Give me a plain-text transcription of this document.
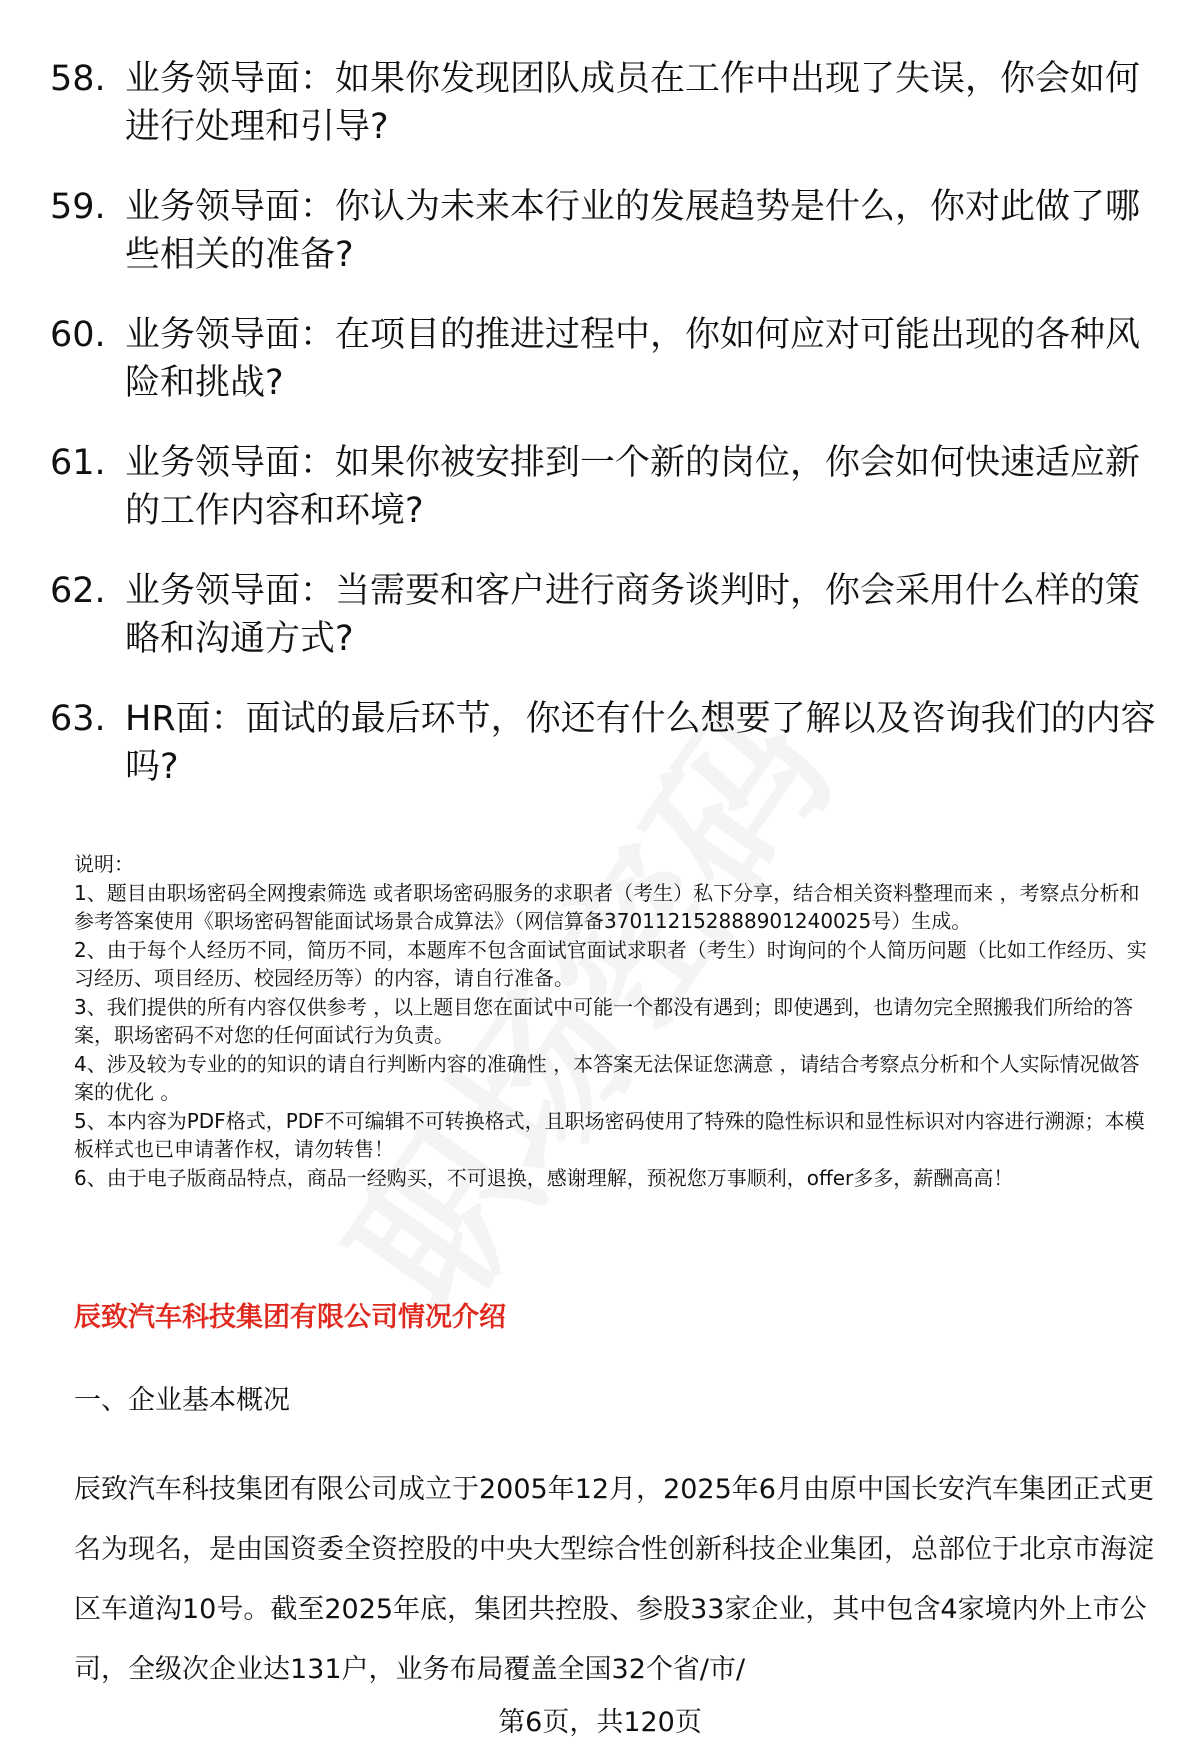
58. 业务领导面：如果你发现团队成员在工作中出现了失误，你会如何进行处理和引导?
59. 业务领导面：你认为未来本行业的发展趋势是什么，你对此做了哪些相关的准备?
60. 业务领导面：在项目的推进过程中，你如何应对可能出现的各种风险和挑战?
61. 业务领导面：如果你被安排到一个新的岗位，你会如何快速适应新的工作内容和环境?
62. 业务领导面：当需要和客户进行商务谈判时，你会采用什么样的策略和沟通方式?
63. HR面：面试的最后环节，你还有什么想要了解以及咨询我们的内容吗?

说明：

1、题目由职场密码全网搜索筛选 或者职场密码服务的求职者（考生）私下分享，结合相关资料整理而来 ，考察点分析和参考答案使用《职场密码智能面试场景合成算法》（网信算备370112152888901240025号）生成。

2、由于每个人经历不同，简历不同，本题库不包含面试官面试求职者（考生）时询问的个人简历问题（比如工作经历、实习经历、项目经历、校园经历等）的内容，请自行准备。

3、我们提供的所有内容仅供参考 ，以上题目您在面试中可能一个都没有遇到；即使遇到，也请勿完全照搬我们所给的答案，职场密码不对您的任何面试行为负责。

4、涉及较为专业的的知识的请自行判断内容的准确性 ，本答案无法保证您满意 ，请结合考察点分析和个人实际情况做答案的优化 。

5、本内容为PDF格式，PDF不可编辑不可转换格式，且职场密码使用了特殊的隐性标识和显性标识对内容进行溯源；本模板样式也已申请著作权，请勿转售！

6、由于电子版商品特点，商品一经购买，不可退换，感谢理解，预祝您万事顺利，offer多多，薪酬高高！

辰致汽车科技集团有限公司情况介绍
一、企业基本概况

辰致汽车科技集团有限公司成立于2005年12月，2025年6月由原中国长安汽车集团正式更名为现名，是由国资委全资控股的中央大型综合性创新科技企业集团，总部位于北京市海淀区车道沟10号。截至2025年底，集团共控股、参股33家企业，其中包含4家境内外上市公司，全级次企业达131户，业务布局覆盖全国32个省/市/

第6页，共120页
